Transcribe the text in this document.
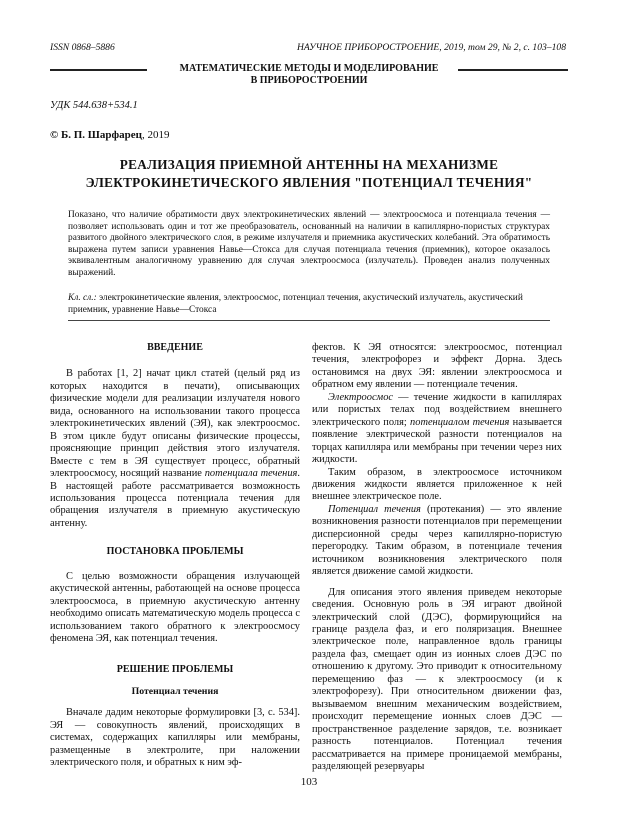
ISSN 0868–5886	НАУЧНОЕ ПРИБОРОСТРОЕНИЕ, 2019, том 29, № 2, с. 103–108
МАТЕМАТИЧЕСКИЕ МЕТОДЫ И МОДЕЛИРОВАНИЕ
В ПРИБОРОСТРОЕНИИ
УДК 544.638+534.1
© Б. П. Шарфарец, 2019
РЕАЛИЗАЦИЯ ПРИЕМНОЙ АНТЕННЫ НА МЕХАНИЗМЕ
ЭЛЕКТРОКИНЕТИЧЕСКОГО ЯВЛЕНИЯ "ПОТЕНЦИАЛ ТЕЧЕНИЯ"
Показано, что наличие обратимости двух электрокинетических явлений — электроосмоса и потенциала течения — позволяет использовать один и тот же преобразователь, основанный на наличии в капиллярно-пористых структурах развитого двойного электрического слоя, в режиме излучателя и приемника акустических колебаний. Эта обратимость выражена путем записи уравнения Навье—Стокса для случая потенциала течения (приемник), которое оказалось эквивалентным аналогичному уравнению для случая электроосмоса (излучатель). Проведен анализ полученных выражений.
Кл. сл.: электрокинетические явления, электроосмос, потенциал течения, акустический излучатель, акустический приемник, уравнение Навье—Стокса
ВВЕДЕНИЕ

В работах [1, 2] начат цикл статей (целый ряд из которых находится в печати), описывающих физические модели для реализации излучателя нового вида, основанного на использовании такого процесса электрокинетических явлений (ЭЯ), как электроосмос. В этом цикле будут описаны физические процессы, проясняющие принцип действия этого излучателя. Вместе с тем в ЭЯ существует процесс, обратный электроосмосу, носящий название потенциала течения. В настоящей работе рассматривается возможность использования процесса потенциала течения для обращения излучателя в приемную акустическую антенну.

ПОСТАНОВКА ПРОБЛЕМЫ

С целью возможности обращения излучающей акустической антенны, работающей на основе процесса электроосмоса, в приемную акустическую антенну необходимо описать математическую модель процесса с использованием такого обратного к электроосмосу феномена ЭЯ, как потенциал течения.

РЕШЕНИЕ ПРОБЛЕМЫ
Потенциал течения

Вначале дадим некоторые формулировки [3, с. 534]. ЭЯ — совокупность явлений, происходящих в системах, содержащих капилляры или мембраны, размещенные в электролите, при наложении электрического поля, и обратных к ним эф-

фектов. К ЭЯ относятся: электроосмос, потенциал течения, электрофорез и эффект Дорна. Здесь остановимся на двух ЭЯ: явлении электроосмоса и обратном ему явлении — потенциале течения.

Электроосмос — течение жидкости в капиллярах или пористых телах под воздействием внешнего электрического поля; потенциалом течения называется появление электрической разности потенциалов на торцах капилляра или мембраны при течении через них жидкости.

Таким образом, в электроосмосе источником движения жидкости является приложенное к ней внешнее электрическое поле.

Потенциал течения (протекания) — это явление возникновения разности потенциалов при перемещении дисперсионной среды через капиллярно-пористую перегородку. Таким образом, в потенциале течения источником возникновения электрического поля является движение самой жидкости.

Для описания этого явления приведем некоторые сведения. Основную роль в ЭЯ играют двойной электрический слой (ДЭС), формирующийся на границе раздела фаз, и его поляризация. Внешнее электрическое поле, направленное вдоль границы раздела фаз, смещает один из ионных слоев ДЭС по отношению к другому. Это приводит к относительному перемещению фаз — к электроосмосу (и к электрофорезу). При относительном движении фаз, вызываемом внешним механическим воздействием, происходит перемещение ионных слоев ДЭС — пространственное разделение зарядов, т.е. возникает разность потенциалов. Потенциал течения рассматривается на примере проницаемой мембраны, разделяющей резервуары

103
